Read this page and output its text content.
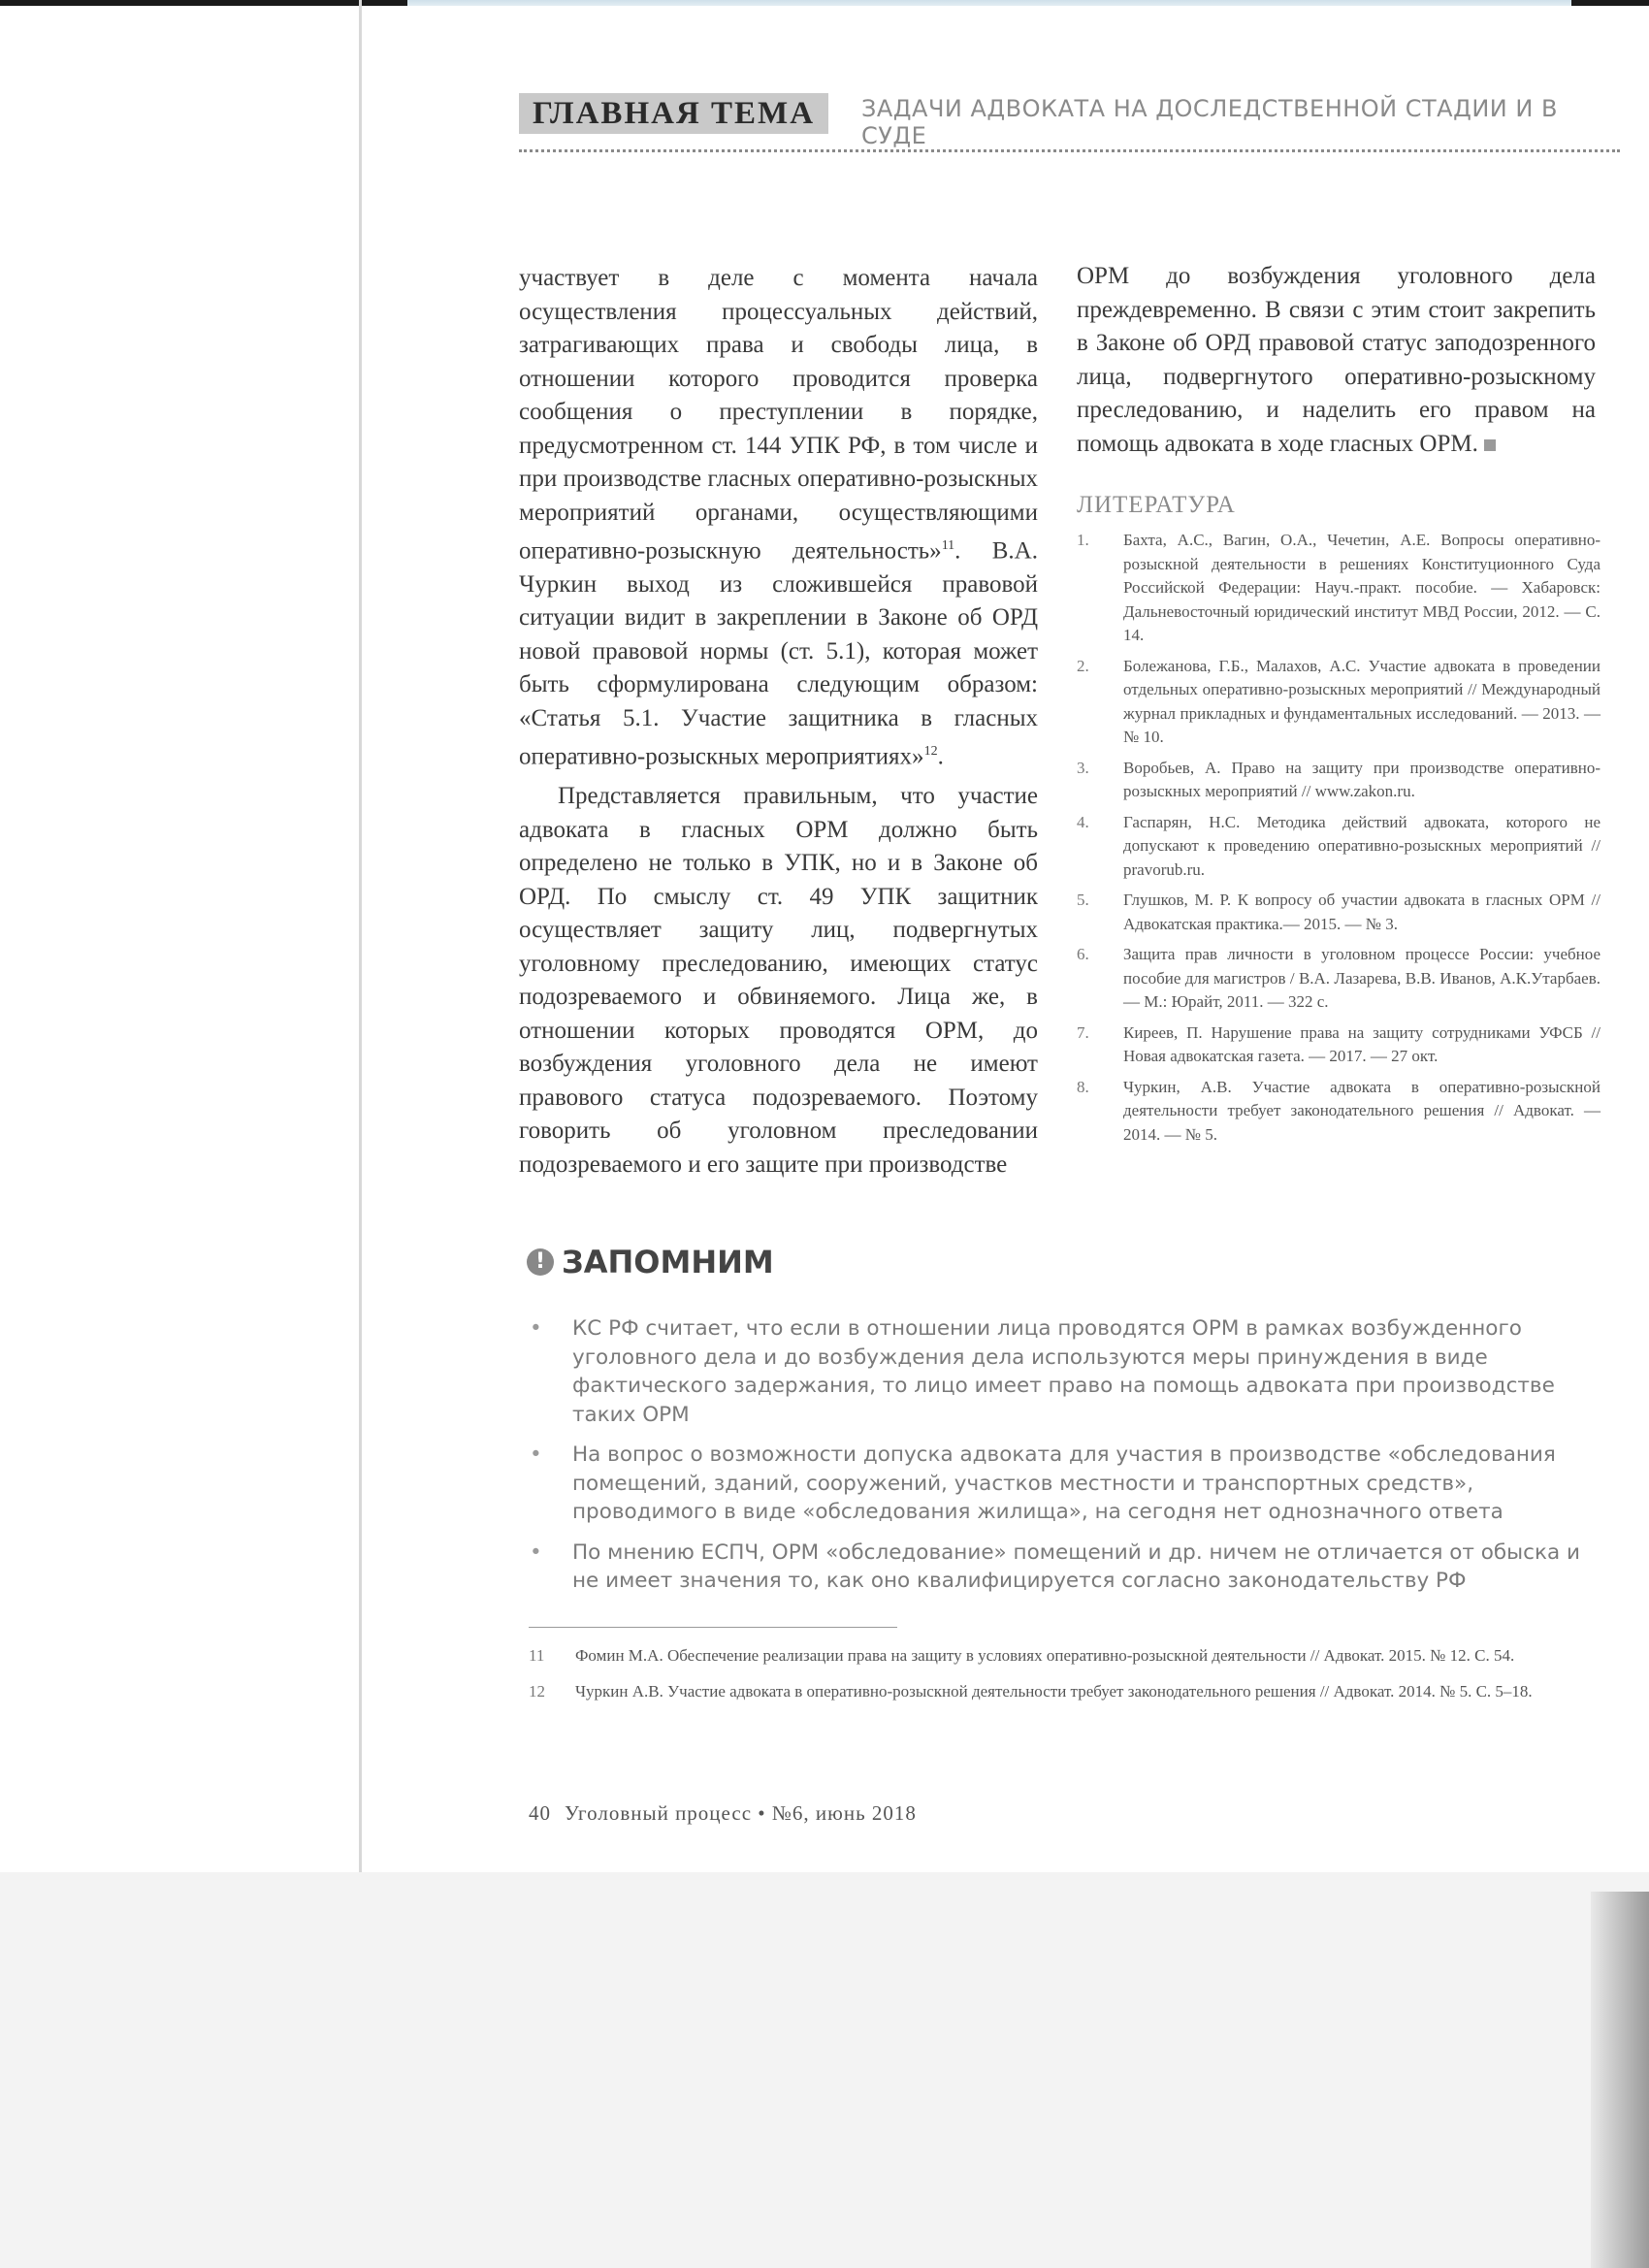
ГЛАВНАЯ ТЕМА	ЗАДАЧИ АДВОКАТА НА ДОСЛЕДСТВЕННОЙ СТАДИИ И В СУДЕ

участвует в деле с момента начала осуществления процессуальных действий, затрагивающих права и свободы лица, в отношении которого проводится проверка сообщения о преступлении в порядке, предусмотренном ст. 144 УПК РФ, в том числе и при производстве гласных оперативно-розыскных мероприятий органами, осуществляющими оперативно-розыскную деятельность»$^{11}$. В.А. Чуркин выход из сложившейся правовой ситуации видит в закреплении в Законе об ОРД новой правовой нормы (ст. 5.1), которая может быть сформулирована следующим образом: «Статья 5.1. Участие защитника в гласных оперативно-розыскных мероприятиях»$^{12}$.

Представляется правильным, что участие адвоката в гласных ОРМ должно быть определено не только в УПК, но и в Законе об ОРД. По смыслу ст. 49 УПК защитник осуществляет защиту лиц, подвергнутых уголовному преследованию, имеющих статус подозреваемого и обвиняемого. Лица же, в отношении которых проводятся ОРМ, до возбуждения уголовного дела не имеют правового статуса подозреваемого. Поэтому говорить об уголовном преследовании подозреваемого и его защите при производстве

ОРМ до возбуждения уголовного дела преждевременно. В связи с этим стоит закрепить в Законе об ОРД правовой статус заподозренного лица, подвергнутого оперативно-розыскному преследованию, и наделить его правом на помощь адвоката в ходе гласных ОРМ.

ЛИТЕРАТУРА
1.	Бахта, А.С., Вагин, О.А., Чечетин, А.Е. Вопросы оперативно-розыскной деятельности в решениях Конституционного Суда Российской Федерации: Науч.-практ. пособие. — Хабаровск: Дальневосточный юридический институт МВД России, 2012. — С. 14.
2.	Болежанова, Г.Б., Малахов, А.С. Участие адвоката в проведении отдельных оперативно-розыскных мероприятий // Международный журнал прикладных и фундаментальных исследований. — 2013. — № 10.
3.	Воробьев, А. Право на защиту при производстве оперативно-розыскных мероприятий // www.zakon.ru.
4.	Гаспарян, Н.С. Методика действий адвоката, которого не допускают к проведению оперативно-розыскных мероприятий // pravorub.ru.
5.	Глушков, М. Р. К вопросу об участии адвоката в гласных ОРМ // Адвокатская практика.— 2015. — № 3.
6.	Защита прав личности в уголовном процессе России: учебное пособие для магистров / В.А. Лазарева, В.В. Иванов, А.К.Утарбаев. — М.: Юрайт, 2011. — 322 с.
7.	Киреев, П. Нарушение права на защиту сотрудниками УФСБ // Новая адвокатская газета. — 2017. — 27 окт.
8.	Чуркин, А.В. Участие адвоката в оперативно-розыскной деятельности требует законодательного решения // Адвокат. — 2014. — № 5.
! ЗАПОМНИМ
• КС РФ считает, что если в отношении лица проводятся ОРМ в рамках возбужденного уголовного дела и до возбуждения дела используются меры принуждения в виде фактического задержания, то лицо имеет право на помощь адвоката при производстве таких ОРМ
• На вопрос о возможности допуска адвоката для участия в производстве «обследования помещений, зданий, сооружений, участков местности и транспортных средств», проводимого в виде «обследования жилища», на сегодня нет однозначного ответа
• По мнению ЕСПЧ, ОРМ «обследование» помещений и др. ничем не отличается от обыска и не имеет значения то, как оно квалифицируется согласно законодательству РФ
11 Фомин М.А. Обеспечение реализации права на защиту в условиях оперативно-розыскной деятельности // Адвокат. 2015. № 12. С. 54.
12 Чуркин А.В. Участие адвоката в оперативно-розыскной деятельности требует законодательного решения // Адвокат. 2014. № 5. С. 5–18.
40 Уголовный процесс • №6, июнь 2018
